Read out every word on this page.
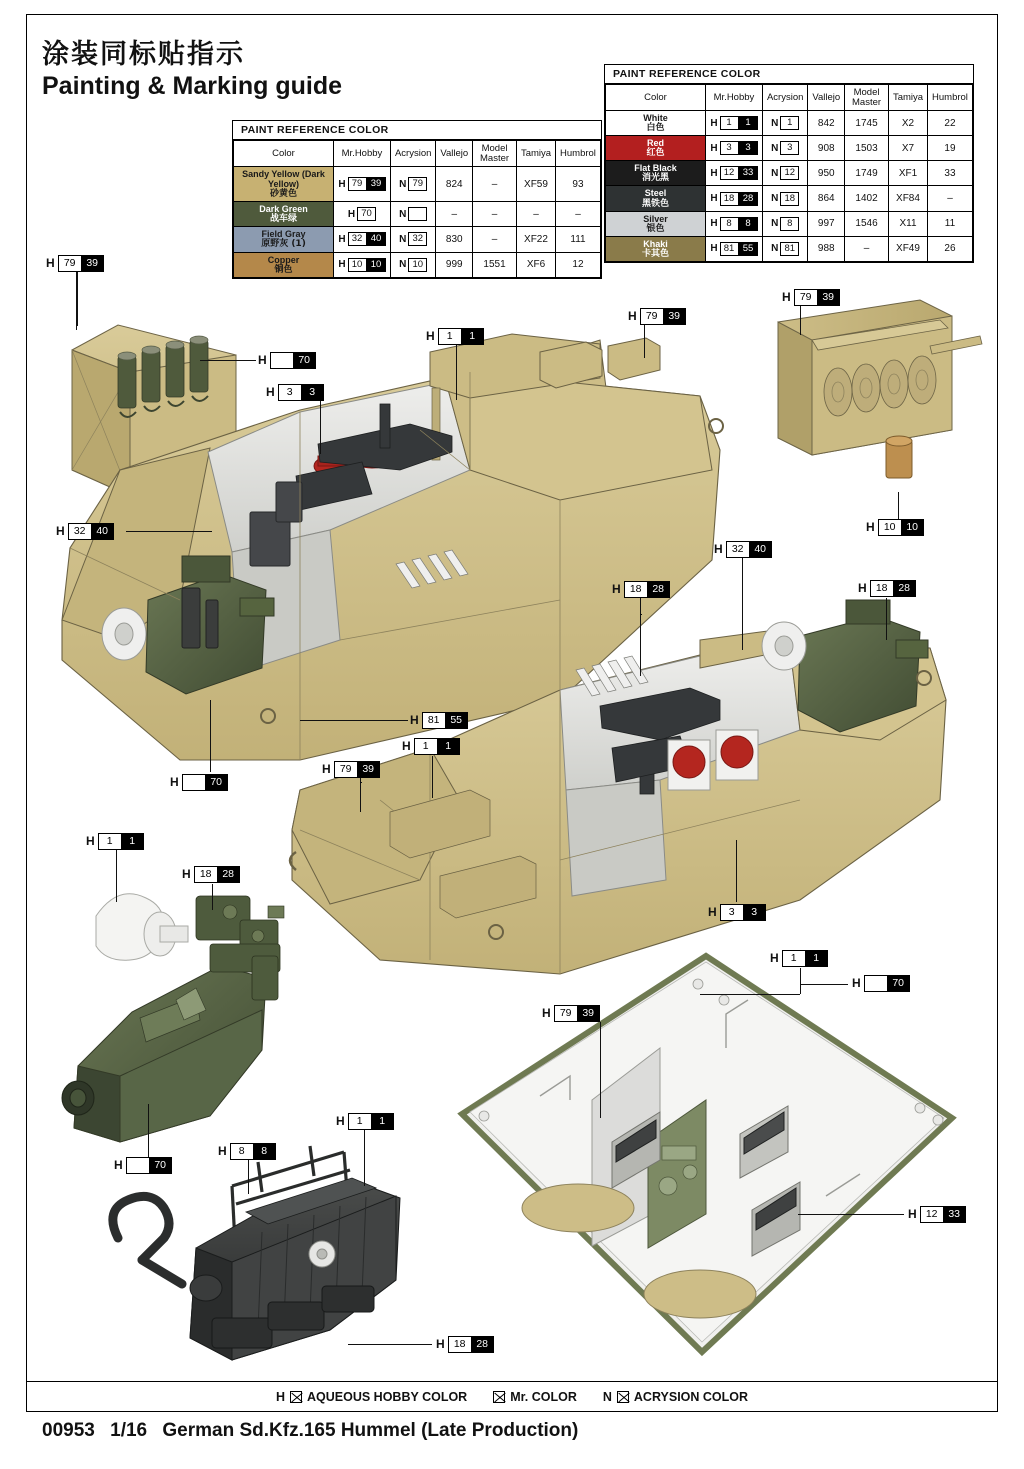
涂装同标贴指示
Painting & Marking guide	PAINT REFERENCE COLOR
Color	Mr.Hobby	Acrysion	Vallejo	Model
Master	Tamiya	Humbrol
White
白色	H 1 1	N 1	842	1745	X2	22
Red
红色	H 3 3	N 3	908	1503	X7	19
Flat Black
消光黑	H 12 33	N 12	950	1749	XF1	33
Steel
黑铁色	H 18 28	N 18	864	1402	XF84	–
Silver
银色	H 8 8	N 8	997	1546	X11	11
Khaki
卡其色	H 81 55	N 81	988	–	XF49	26
PAINT REFERENCE COLOR
Color	Mr.Hobby	Acrysion	Vallejo	Model
Master	Tamiya	Humbrol
Sandy Yellow (Dark Yellow)
砂黄色	H 79 39	N 79	824	–	XF59	93
Dark Green
战车绿	H 70	N	–	–	–	–
Field Gray
原野灰 (1)	H 32 40	N 32	830	–	XF22	111
Copper
铜色	H 10 10	N 10	999	1551	XF6	12
H 79	39
H
	70
H	3	3
H	1	1
H 79	39
H 79	39
H 10	10
H 32	40
H 81	55
H
	70
H 32	40
H 18	28	H 18	28
H	1	1
H 79	39
H	3	3
H	1	1
H 18	28
H
	70
H	1	1
H	8	8
H 18	28
H 79	39
H	1	1
H
	70
H 12	33
H AQUEOUS HOBBY COLOR	Mr. COLOR N ACRYSION COLOR
00953 1/16 German Sd.Kfz.165 Hummel (Late Production)
